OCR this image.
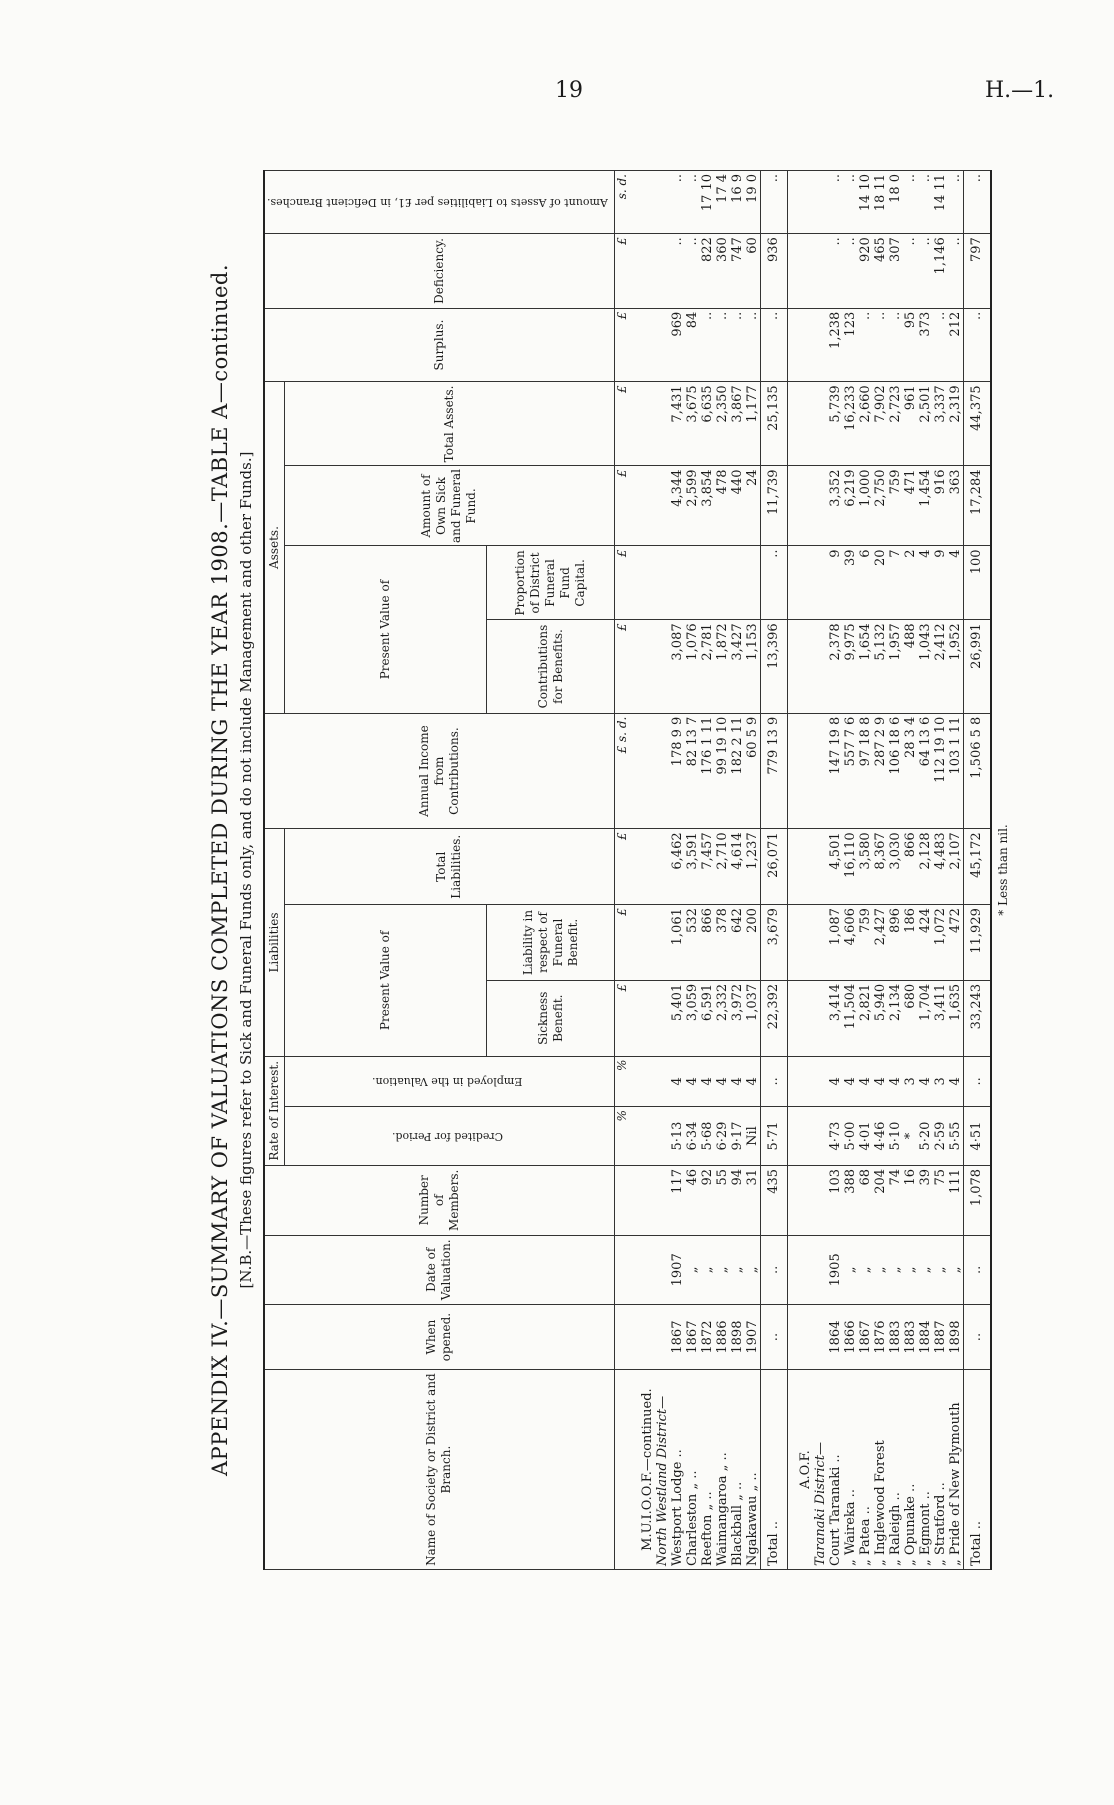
19	H.—1.

APPENDIX IV.—SUMMARY OF VALUATIONS COMPLETED DURING THE YEAR 1908.—TABLE A—continued. [N.B.—These figures refer to Sick and Funeral Funds only, and do not include Management and other Funds.]

Name of Society or District and Branch.	When opened.	Date of Valuation.	Number of Members.	Rate of Interest.		Liabilities			Annual Income from Contributions.	Assets.				Surplus.	Deficiency.	Amount of Assets to Liabilities per £1, in Deficient Branches.
				Credited for Period.	Employed in the Valuation.	Present Value of		Total Liabilities.		Present Value of		Amount of Own Sick and Funeral Fund.	Total Assets.			
						Sickness Benefit.	Liability in respect of Funeral Benefit.			Contributions for Benefits.	Proportion of District Funeral Fund Capital.					
				%	%	£	£	£	£ s. d.	£	£	£	£	£	£	s. d.

M.U.I.O.O.F.—continued.																
North Westland District—																
Westport Lodge ..	1867	1907	117	5·13	4	5,401	1,061	6,462	178 9 9	3,087		4,344	7,431	969	..	..
Charleston „ ..	1867	„	46	6·34	4	3,059	532	3,591	82 13 7	1,076		2,599	3,675	84	..	..
Reefton „ ..	1872	„	92	5·68	4	6,591	866	7,457	176 1 11	2,781		3,854	6,635	..	822	17 10
Waimangaroa „ ..	1886	„	55	6·29	4	2,332	378	2,710	99 19 10	1,872		478	2,350	..	360	17 4
Blackball „ ..	1898	„	94	9·17	4	3,972	642	4,614	182 2 11	3,427		440	3,867	..	747	16 9
Ngakawau „ ..	1907	„	31	Nil	4	1,037	200	1,237	60 5 9	1,153		24	1,177	..	60	19 0
Total ..	..	..	435	5·71	..	22,392	3,679	26,071	779 13 9	13,396	..	11,739	25,135	..	936	..

A.O.F.																
Taranaki District—																
Court Taranaki ..	1864	1905	103	4·73	4	3,414	1,087	4,501	147 19 8	2,378	9	3,352	5,739	1,238	..	..
„ Waireka ..	1866	„	388	5·00	4	11,504	4,606	16,110	557 7 6	9,975	39	6,219	16,233	123	..	..
„ Patea ..	1867	„	68	4·01	4	2,821	759	3,580	97 18 8	1,654	6	1,000	2,660	..	920	14 10
„ Inglewood Forest	1876	„	204	4·46	4	5,940	2,427	8,367	287 2 9	5,132	20	2,750	7,902	..	465	18 11
„ Raleigh ..	1883	„	74	5·10	4	2,134	896	3,030	106 18 6	1,957	7	759	2,723	..	307	18 0
„ Opunake ..	1883	„	16	*	3	680	186	866	28 3 4	488	2	471	961	95	..	..
„ Egmont ..	1884	„	39	5·20	4	1,704	424	2,128	64 13 6	1,043	4	1,454	2,501	373	..	..
„ Stratford ..	1887	„	75	2·59	3	3,411	1,072	4,483	112 19 10	2,412	9	916	3,337	..	1,146	14 11
„ Pride of New Plymouth	1898	„	111	5·55	4	1,635	472	2,107	103 1 11	1,952	4	363	2,319	212	..	..
Total ..	..	..	1,078	4·51	..	33,243	11,929	45,172	1,506 5 8	26,991	100	17,284	44,375	..	797	..

* Less than nil.
